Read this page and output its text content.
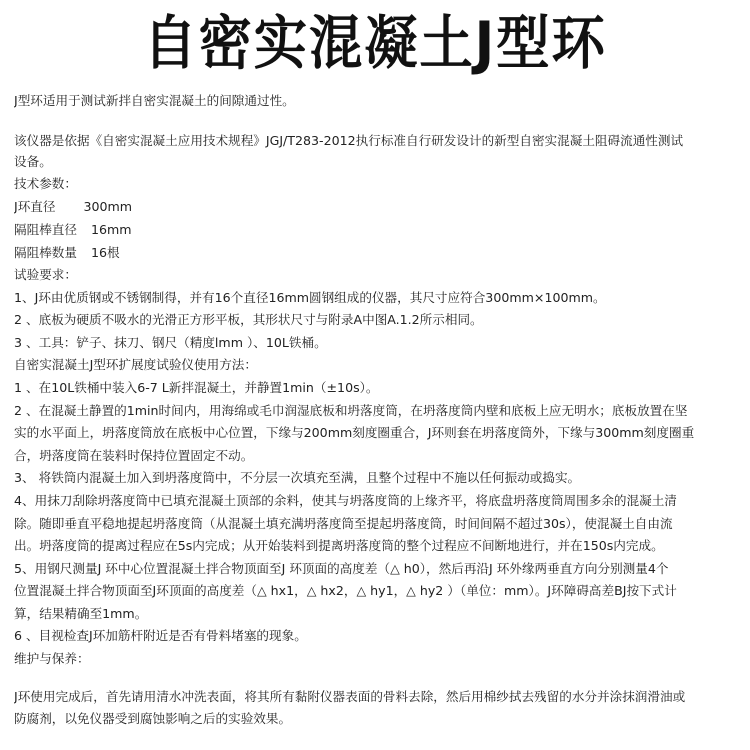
自密实混凝土J型环
J型环适用于测试新拌自密实混凝土的间隙通过性。
该仪器是依据《自密实混凝土应用技术规程》JGJ/T283-2012执行标准自行研发设计的新型自密实混凝土阻碍流通性测试
设备。
技术参数：
J环直径 300mm
隔阻棒直径 16mm
隔阻棒数量 16根
试验要求：
1、J环由优质钢或不锈钢制得，并有16个直径16mm圆钢组成的仪器，其尺寸应符合300mm×100mm。
2 、底板为硬质不吸水的光滑正方形平板，其形状尺寸与附录A中图A.1.2所示相同。
3 、工具：铲子、抹刀、钢尺（精度lmm ）、10L铁桶。
自密实混凝土J型环扩展度试验仪使用方法：
1 、在10L铁桶中装入6-7 L新拌混凝土，并静置1min（±10s）。
2 、在混凝土静置的1min时间内，用海绵或毛巾润湿底板和坍落度筒，在坍落度筒内壁和底板上应无明水；底板放置在坚
实的水平面上，坍落度筒放在底板中心位置，下缘与200mm刻度圈重合，J环则套在坍落度筒外，下缘与300mm刻度圈重
合，坍落度筒在装料时保持位置固定不动。
3、 将铁筒内混凝土加入到坍落度筒中，不分层一次填充至满，且整个过程中不施以任何振动或捣实。
4、用抹刀刮除坍落度筒中已填充混凝土顶部的余料，使其与坍落度筒的上缘齐平，将底盘坍落度筒周围多余的混凝土清
除。随即垂直平稳地提起坍落度筒（从混凝土填充满坍落度筒至提起坍落度筒，时间间隔不超过30s），使混凝土自由流
出。坍落度筒的提离过程应在5s内完成；从开始装料到提离坍落度筒的整个过程应不间断地进行，并在150s内完成。
5、用钢尺测量J 环中心位置混凝土拌合物顶面至J 环顶面的高度差（△ h0），然后再沿J 环外缘两垂直方向分别测量4个
位置混凝土拌合物顶面至J环顶面的高度差（△ hx1，△ hx2，△ hy1，△ hy2 ）（单位：mm）。J环障碍高差BJ按下式计
算，结果精确至1mm。
6 、目视检查J环加筋杆附近是否有骨料堵塞的现象。
维护与保养：
J环使用完成后，首先请用清水冲洗表面，将其所有黏附仪器表面的骨料去除，然后用棉纱拭去残留的水分并涂抹润滑油或
防腐剂，以免仪器受到腐蚀影响之后的实验效果。
